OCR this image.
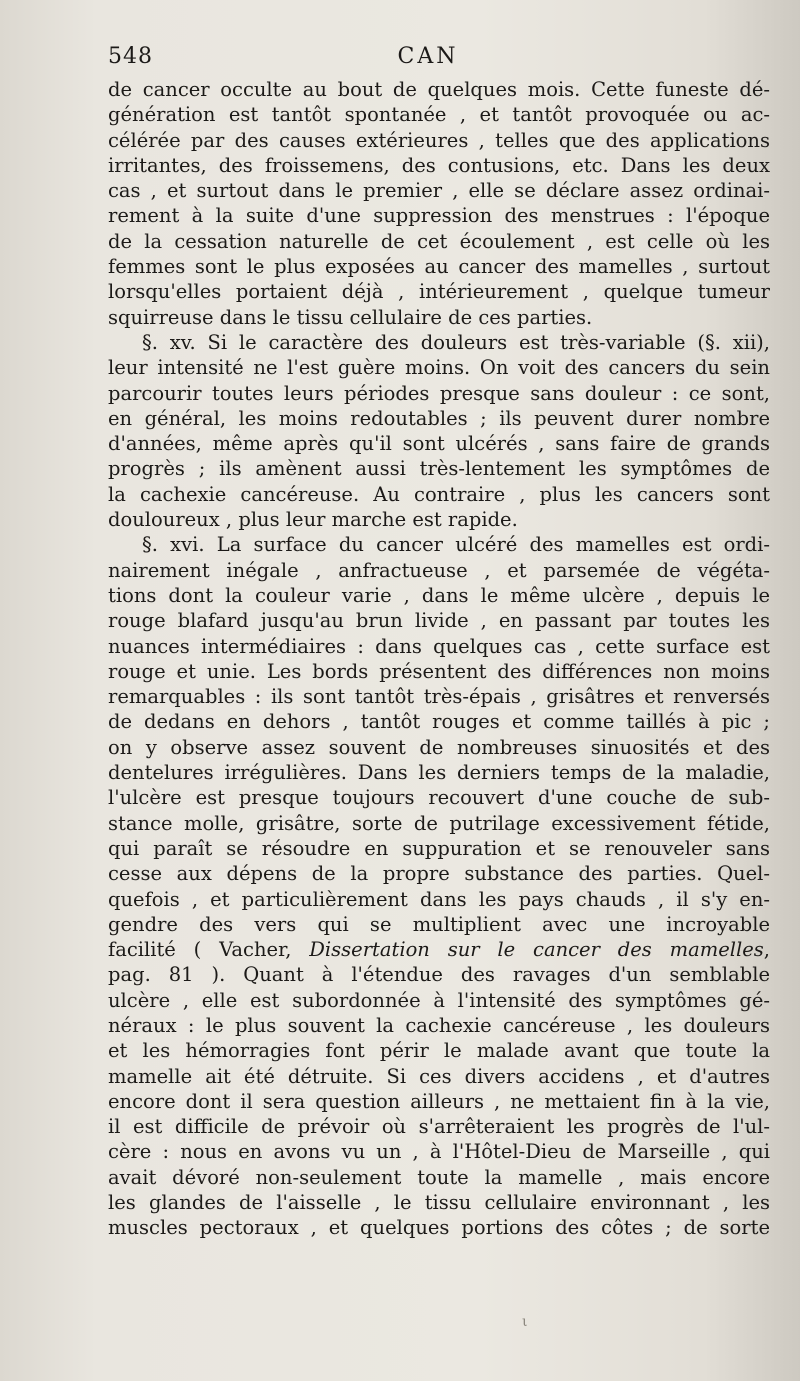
548	CAN
de cancer occulte au bout de quelques mois. Cette funeste dé-
génération est tantôt spontanée , et tantôt provoquée ou ac-
célérée par des causes extérieures , telles que des applications
irritantes, des froissemens, des contusions, etc. Dans les deux
cas , et surtout dans le premier , elle se déclare assez ordinai-
rement à la suite d'une suppression des menstrues : l'époque
de la cessation naturelle de cet écoulement , est celle où les
femmes sont le plus exposées au cancer des mamelles , surtout
lorsqu'elles portaient déjà , intérieurement , quelque tumeur
squirreuse dans le tissu cellulaire de ces parties.
§. xv. Si le caractère des douleurs est très-variable (§. xii),
leur intensité ne l'est guère moins. On voit des cancers du sein
parcourir toutes leurs périodes presque sans douleur : ce sont,
en général, les moins redoutables ; ils peuvent durer nombre
d'années, même après qu'il sont ulcérés , sans faire de grands
progrès ; ils amènent aussi très-lentement les symptômes de
la cachexie cancéreuse. Au contraire , plus les cancers sont
douloureux , plus leur marche est rapide.
§. xvi. La surface du cancer ulcéré des mamelles est ordi-
nairement inégale , anfractueuse , et parsemée de végéta-
tions dont la couleur varie , dans le même ulcère , depuis le
rouge blafard jusqu'au brun livide , en passant par toutes les
nuances intermédiaires : dans quelques cas , cette surface est
rouge et unie. Les bords présentent des différences non moins
remarquables : ils sont tantôt très-épais , grisâtres et renversés
de dedans en dehors , tantôt rouges et comme taillés à pic ;
on y observe assez souvent de nombreuses sinuosités et des
dentelures irrégulières. Dans les derniers temps de la maladie,
l'ulcère est presque toujours recouvert d'une couche de sub-
stance molle, grisâtre, sorte de putrilage excessivement fétide,
qui paraît se résoudre en suppuration et se renouveler sans
cesse aux dépens de la propre substance des parties. Quel-
quefois , et particulièrement dans les pays chauds , il s'y en-
gendre des vers qui se multiplient avec une incroyable
facilité ( Vacher, Dissertation sur le cancer des mamelles,
pag. 81 ). Quant à l'étendue des ravages d'un semblable
ulcère , elle est subordonnée à l'intensité des symptômes gé-
néraux : le plus souvent la cachexie cancéreuse , les douleurs
et les hémorragies font périr le malade avant que toute la
mamelle ait été détruite. Si ces divers accidens , et d'autres
encore dont il sera question ailleurs , ne mettaient fin à la vie,
il est difficile de prévoir où s'arrêteraient les progrès de l'ul-
cère : nous en avons vu un , à l'Hôtel-Dieu de Marseille , qui
avait dévoré non-seulement toute la mamelle , mais encore
les glandes de l'aisselle , le tissu cellulaire environnant , les
muscles pectoraux , et quelques portions des côtes ; de sorte
ι
